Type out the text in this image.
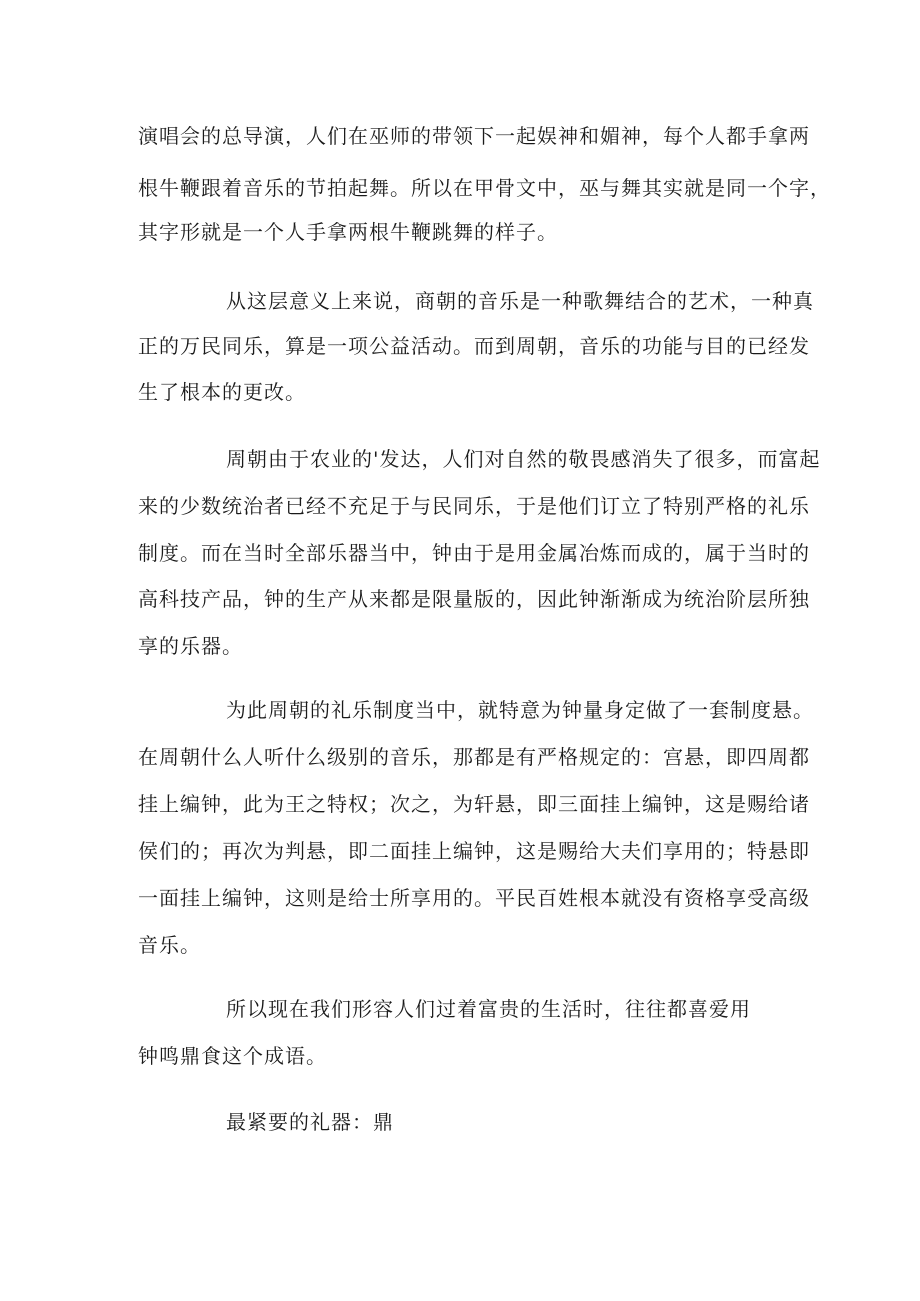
演唱会的总导演，人们在巫师的带领下一起娱神和媚神，每个人都手拿两
根牛鞭跟着音乐的节拍起舞。所以在甲骨文中，巫与舞其实就是同一个字，
其字形就是一个人手拿两根牛鞭跳舞的样子。
从这层意义上来说，商朝的音乐是一种歌舞结合的艺术，一种真
正的万民同乐，算是一项公益活动。而到周朝，音乐的功能与目的已经发
生了根本的更改。
周朝由于农业的'发达，人们对自然的敬畏感消失了很多，而富起
来的少数统治者已经不充足于与民同乐，于是他们订立了特别严格的礼乐
制度。而在当时全部乐器当中，钟由于是用金属冶炼而成的，属于当时的
高科技产品，钟的生产从来都是限量版的，因此钟渐渐成为统治阶层所独
享的乐器。
为此周朝的礼乐制度当中，就特意为钟量身定做了一套制度悬。
在周朝什么人听什么级别的音乐，那都是有严格规定的：宫悬，即四周都
挂上编钟，此为王之特权；次之，为轩悬，即三面挂上编钟，这是赐给诸
侯们的；再次为判悬，即二面挂上编钟，这是赐给大夫们享用的；特悬即
一面挂上编钟，这则是给士所享用的。平民百姓根本就没有资格享受高级
音乐。
所以现在我们形容人们过着富贵的生活时，往往都喜爱用
钟鸣鼎食这个成语。
最紧要的礼器：鼎
